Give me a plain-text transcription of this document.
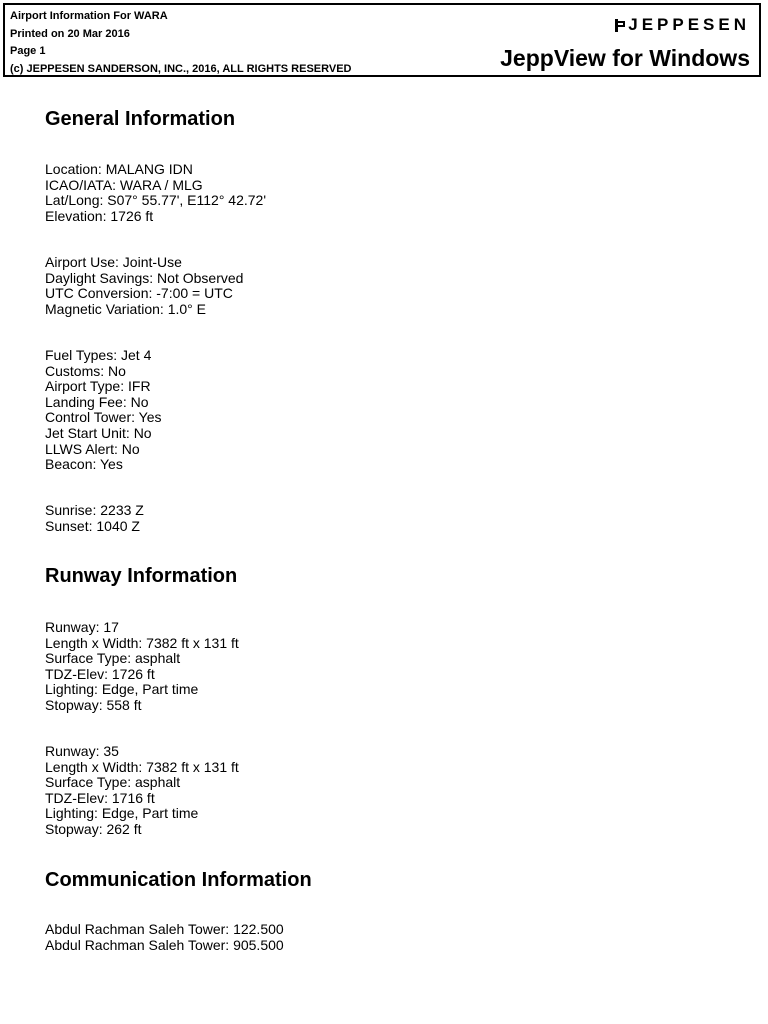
Airport Information For WARA
Printed on 20 Mar 2016
Page 1
(c) JEPPESEN SANDERSON, INC., 2016, ALL RIGHTS RESERVED
JEPPESEN
JeppView for Windows
General Information
Location: MALANG IDN
ICAO/IATA: WARA / MLG
Lat/Long: S07° 55.77', E112° 42.72'
Elevation: 1726 ft
Airport Use: Joint-Use
Daylight Savings: Not Observed
UTC Conversion: -7:00 = UTC
Magnetic Variation: 1.0° E
Fuel Types: Jet 4
Customs: No
Airport Type: IFR
Landing Fee: No
Control Tower: Yes
Jet Start Unit: No
LLWS Alert: No
Beacon: Yes
Sunrise: 2233 Z
Sunset: 1040 Z
Runway Information
Runway: 17
Length x Width: 7382 ft x 131 ft
Surface Type: asphalt
TDZ-Elev: 1726 ft
Lighting: Edge, Part time
Stopway: 558 ft
Runway: 35
Length x Width: 7382 ft x 131 ft
Surface Type: asphalt
TDZ-Elev: 1716 ft
Lighting: Edge, Part time
Stopway: 262 ft
Communication Information
Abdul Rachman Saleh Tower: 122.500
Abdul Rachman Saleh Tower: 905.500
